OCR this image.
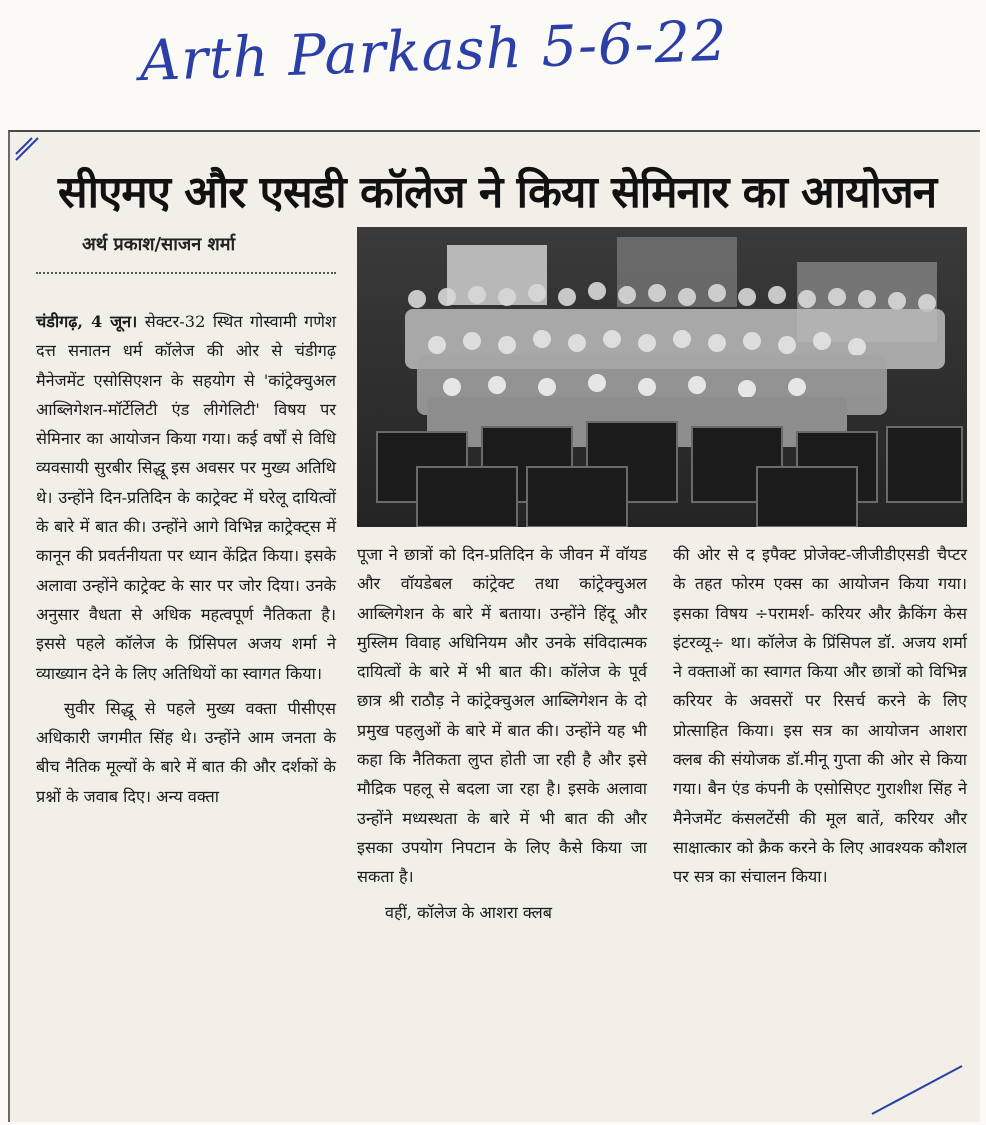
Arth Parkash 5-6-22
सीएमए और एसडी कॉलेज ने किया सेमिनार का आयोजन
अर्थ प्रकाश/साजन शर्मा

चंडीगढ़, 4 जून। सेक्टर-32 स्थित गोस्वामी गणेश दत्त सनातन धर्म कॉलेज की ओर से चंडीगढ़ मैनेजमेंट एसोसिएशन के सहयोग से 'कांट्रेक्चुअल आब्लिगेशन-मॉर्टेलिटी एंड लीगेलिटी' विषय पर सेमिनार का आयोजन किया गया। कई वर्षों से विधि व्यवसायी सुरबीर सिद्धू इस अवसर पर मुख्य अतिथि थे। उन्होंने दिन-प्रतिदिन के काट्रेक्ट में घरेलू दायित्वों के बारे में बात की। उन्होंने आगे विभिन्न काट्रेक्ट्स में कानून की प्रवर्तनीयता पर ध्यान केंद्रित किया। इसके अलावा उन्होंने काट्रेक्ट के सार पर जोर दिया। उनके अनुसार वैधता से अधिक महत्वपूर्ण नैतिकता है। इससे पहले कॉलेज के प्रिंसिपल अजय शर्मा ने व्याख्यान देने के लिए अतिथियों का स्वागत किया।

सुवीर सिद्धू से पहले मुख्य वक्ता पीसीएस अधिकारी जगमीत सिंह थे। उन्होंने आम जनता के बीच नैतिक मूल्यों के बारे में बात की और दर्शकों के प्रश्नों के जवाब दिए। अन्य वक्ता

पूजा ने छात्रों को दिन-प्रतिदिन के जीवन में वॉयड और वॉयडेबल कांट्रेक्ट तथा कांट्रेक्चुअल आब्लिगेशन के बारे में बताया। उन्होंने हिंदू और मुस्लिम विवाह अधिनियम और उनके संविदात्मक दायित्वों के बारे में भी बात की। कॉलेज के पूर्व छात्र श्री राठौड़ ने कांट्रेक्चुअल आब्लिगेशन के दो प्रमुख पहलुओं के बारे में बात की। उन्होंने यह भी कहा कि नैतिकता लुप्त होती जा रही है और इसे मौद्रिक पहलू से बदला जा रहा है। इसके अलावा उन्होंने मध्यस्थता के बारे में भी बात की और इसका उपयोग निपटान के लिए कैसे किया जा सकता है।

वहीं, कॉलेज के आशरा क्लब

की ओर से द इपैक्ट प्रोजेक्ट-जीजीडीएसडी चैप्टर के तहत फोरम एक्स का आयोजन किया गया। इसका विषय ÷परामर्श- करियर और क्रैकिंग केस इंटरव्यू÷ था। कॉलेज के प्रिंसिपल डॉ. अजय शर्मा ने वक्ताओं का स्वागत किया और छात्रों को विभिन्न करियर के अवसरों पर रिसर्च करने के लिए प्रोत्साहित किया। इस सत्र का आयोजन आशरा क्लब की संयोजक डॉ.मीनू गुप्ता की ओर से किया गया। बैन एंड कंपनी के एसोसिएट गुराशीश सिंह ने मैनेजमेंट कंसलटेंसी की मूल बातें, करियर और साक्षात्कार को क्रैक करने के लिए आवश्यक कौशल पर सत्र का संचालन किया।
